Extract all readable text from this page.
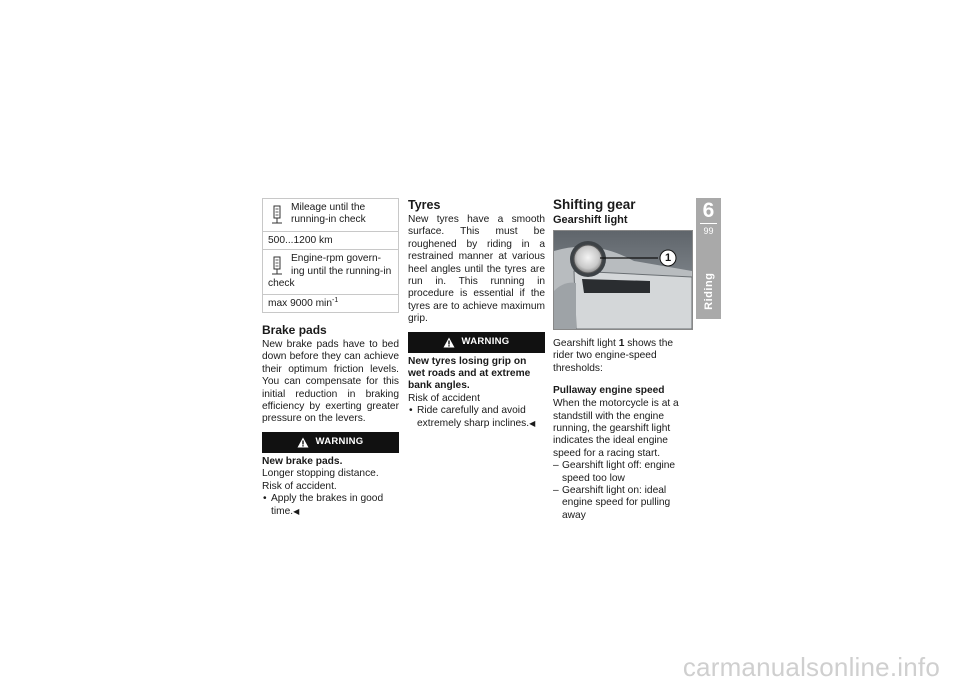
Mileage until the
running-in check
500...1200 km
Engine-rpm govern-
ing until the running-in
check
max 9000 $\min^{-1}$
Brake pads

New brake pads have to bed down before they can achieve their optimum friction levels. You can compensate for this initial reduction in braking efficiency by exerting greater pressure on the levers.

WARNING

New brake pads.

Longer stopping distance. Risk of accident.

• Apply the brakes in good time.◀
Tyres

New tyres have a smooth surface. This must be roughened by riding in a restrained manner at various heel angles until the tyres are run in. This running in procedure is essential if the tyres are to achieve maximum grip.

WARNING

New tyres losing grip on wet roads and at extreme bank angles.

Risk of accident

• Ride carefully and avoid extremely sharp inclines.◀
Shifting gear
Gearshift light
1

Gearshift light 1 shows the rider two engine-speed thresholds:

Pullaway engine speed

When the motorcycle is at a standstill with the engine running, the gearshift light indicates the ideal engine speed for a racing start.

– Gearshift light off: engine speed too low
– Gearshift light on: ideal engine speed for pulling away
6
99
Riding
carmanualsonline.info
